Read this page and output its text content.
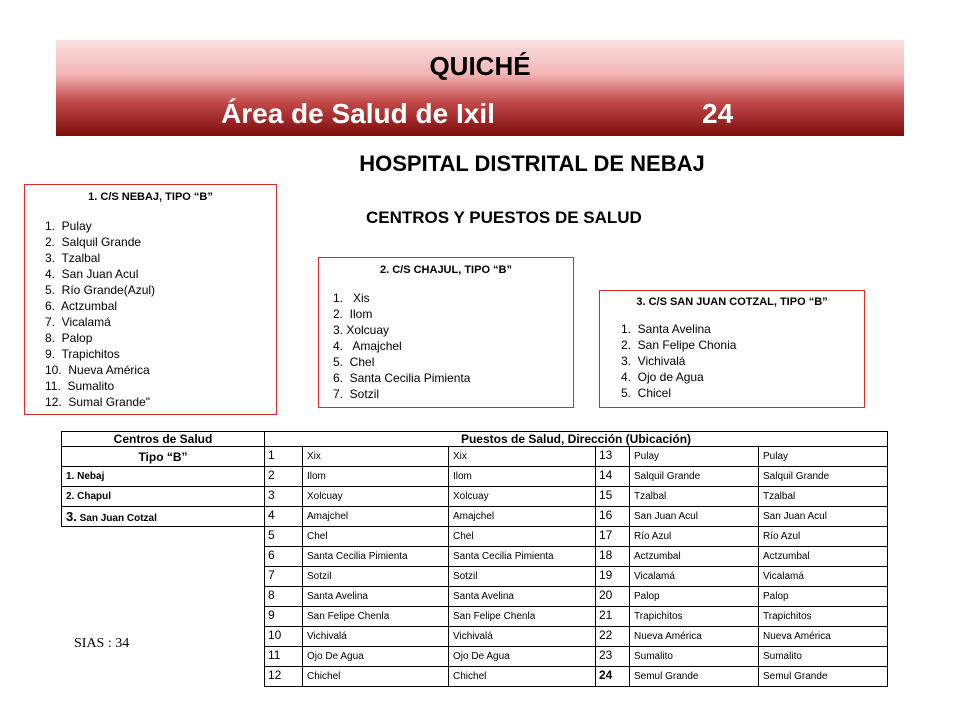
QUICHÉ
Área de Salud de Ixil	24
HOSPITAL DISTRITAL DE NEBAJ
CENTROS Y PUESTOS DE SALUD
1. C/S NEBAJ, TIPO “B”
1.  Pulay
2.  Salquil Grande
3.  Tzalbal
4.  San Juan Acul
5.  Río Grande(Azul)
6.  Actzumbal
7.  Vicalamá
8.  Palop
9.  Trapichitos
10.  Nueva América
11.  Sumalito
12.  Sumal Grande"
2. C/S CHAJUL, TIPO “B”
1.   Xis
2.  Ilom
3. Xolcuay
4.   Amajchel
5.  Chel
6.  Santa Cecilia Pimienta
7.  Sotzil
3. C/S SAN JUAN COTZAL, TIPO “B”
1.  Santa Avelina
2.  San Felipe Chonia
3.  Vichivalá
4.  Ojo de Agua
5.  Chicel
Centros de Salud	Puestos de Salud, Dirección (Ubicación)					
Tipo “B”	1	Xix	Xix	13	Pulay	Pulay
1. Nebaj	2	Ilom	Ilom	14	Salquil Grande	Salquil Grande
2. Chapul	3	Xolcuay	Xolcuay	15	Tzalbal	Tzalbal
3. San Juan Cotzal	4	Amajchel	Amajchel	16	San Juan Acul	San Juan Acul
	5	Chel	Chel	17	Río Azul	Río Azul
	6	Santa Cecilia Pimienta	Santa Cecilia Pimienta	18	Actzumbal	Actzumbal
	7	Sotzil	Sotzil	19	Vicalamá	Vicalamá
	8	Santa Avelina	Santa Avelina	20	Palop	Palop
	9	San Felipe Chenla	San Felipe Chenla	21	Trapichitos	Trapichitos
	10	Vichivalá	Vichivalá	22	Nueva América	Nueva América
	11	Ojo De Agua	Ojo De Agua	23	Sumalito	Sumalito
	12	Chichel	Chichel	24	Semul Grande	Semul Grande
SIAS : 34
